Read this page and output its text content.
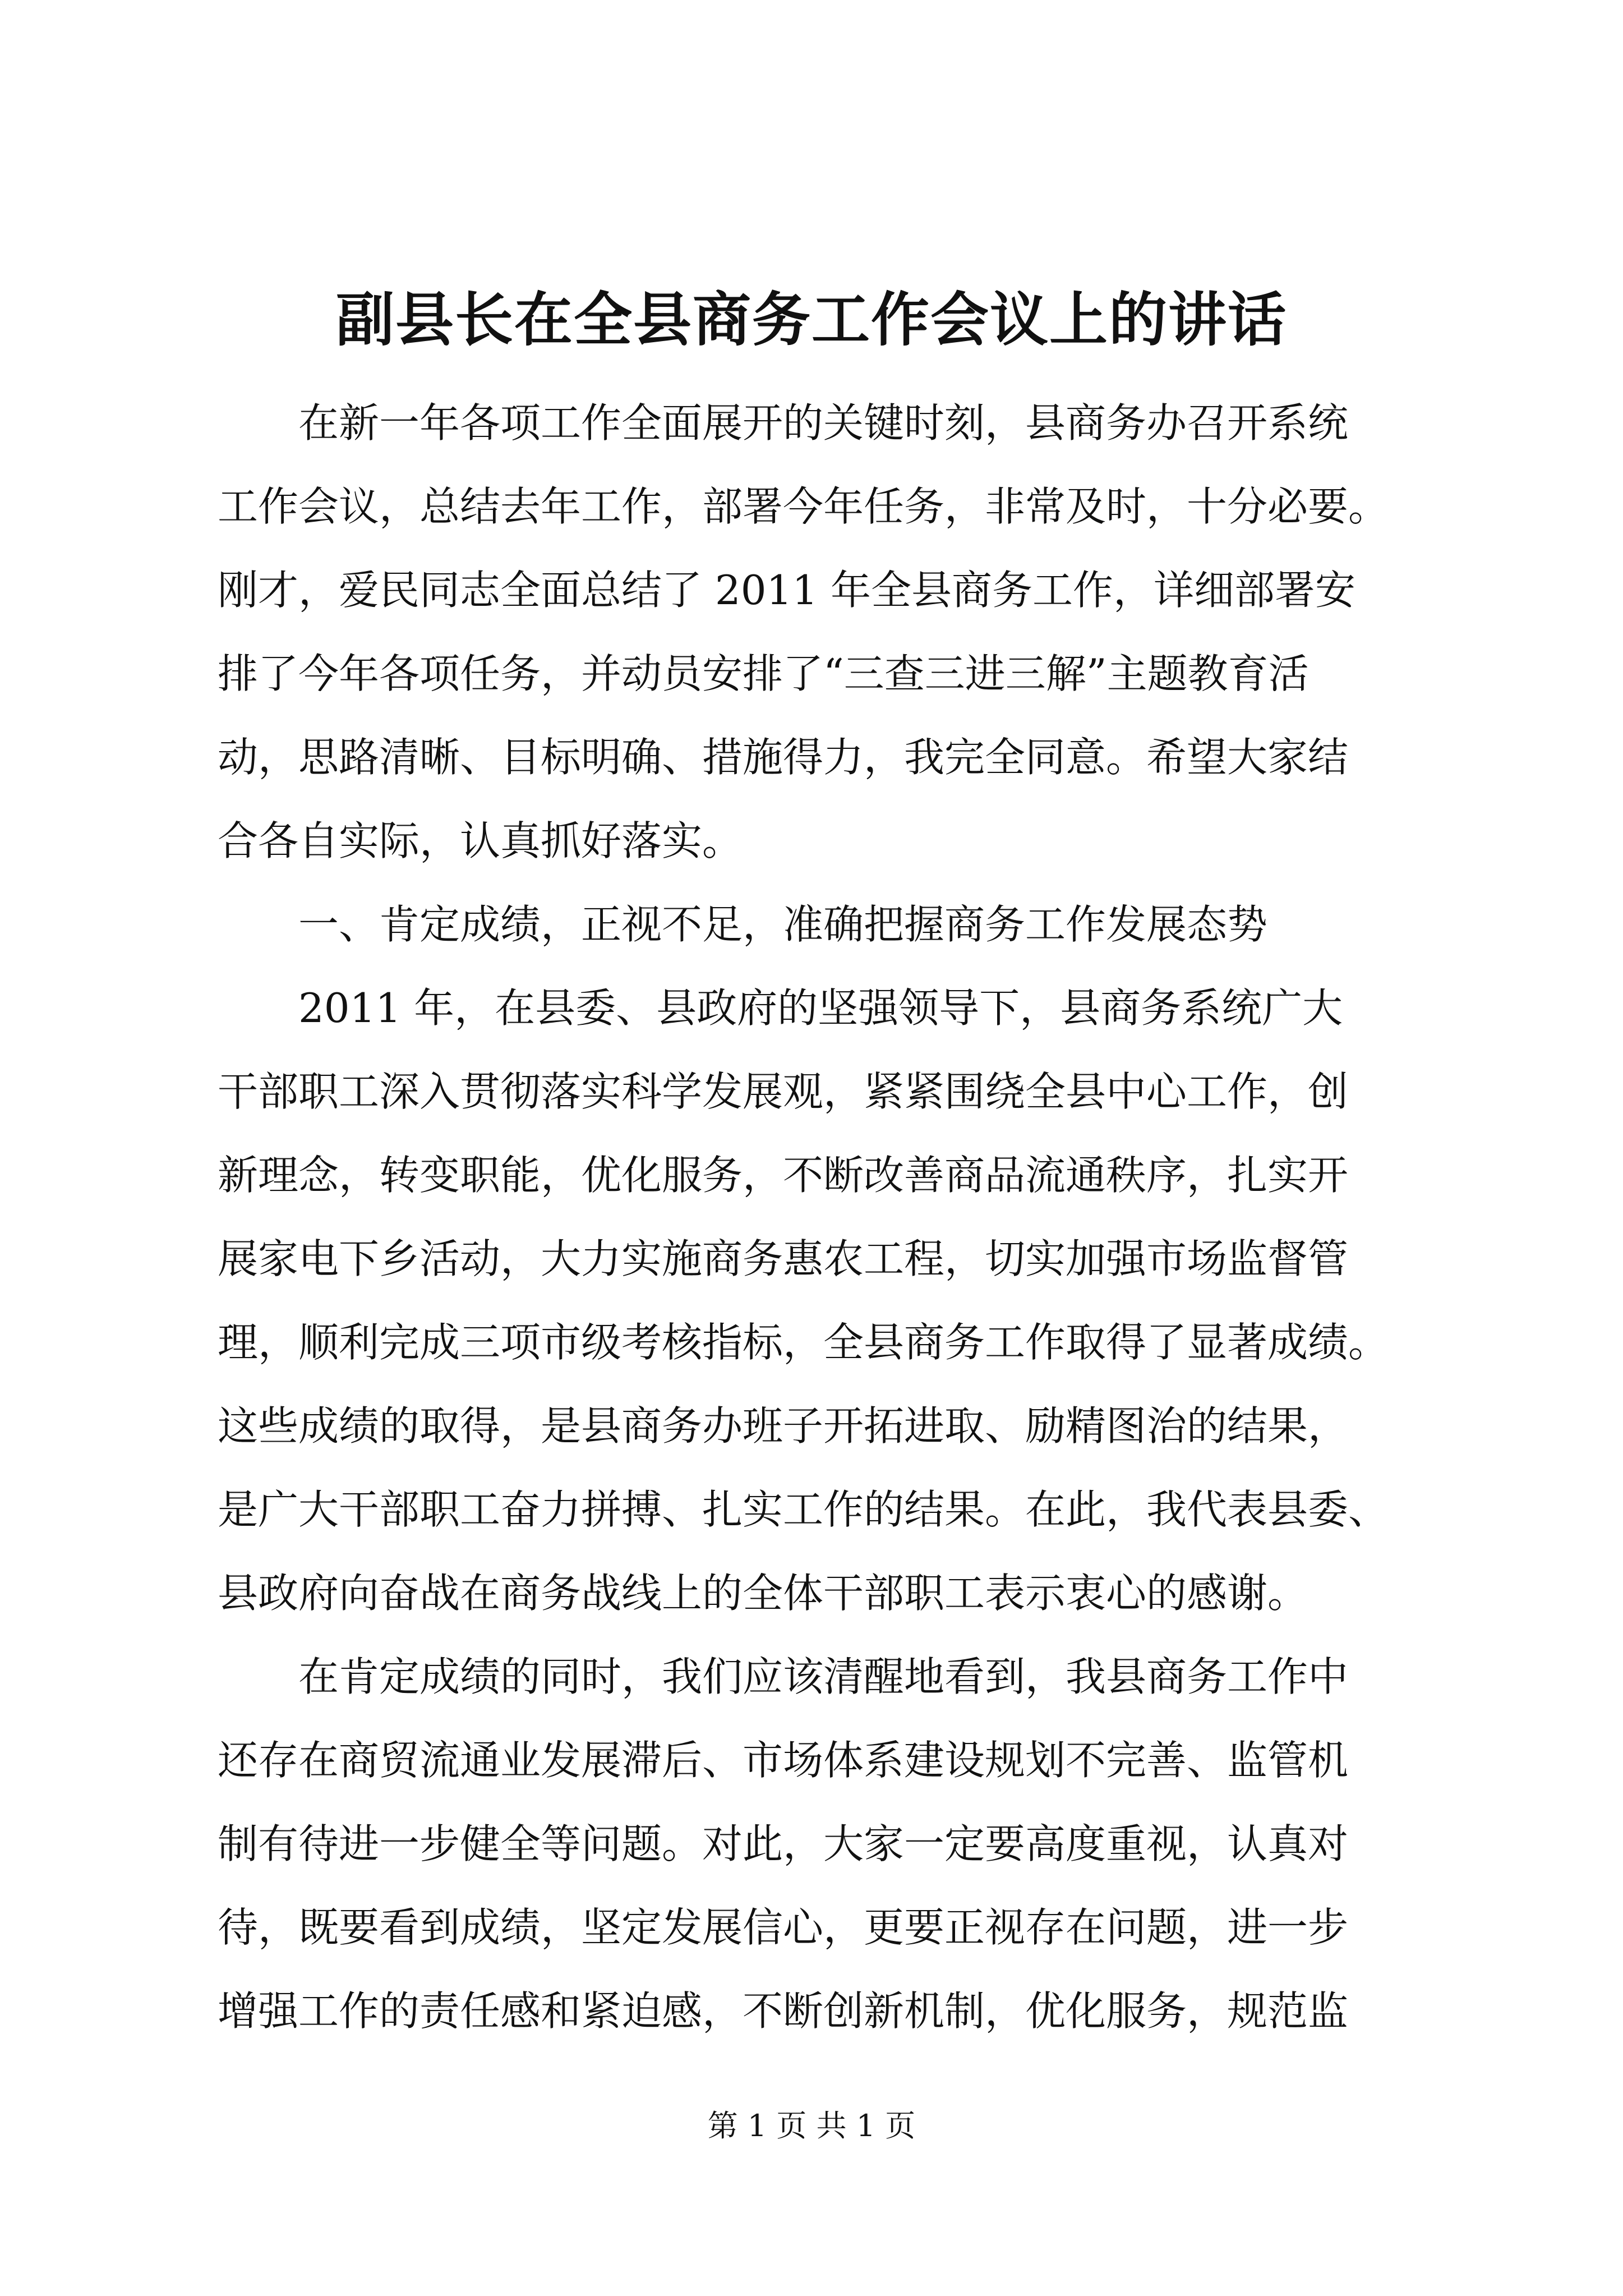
副县长在全县商务工作会议上的讲话
　　在新一年各项工作全面展开的关键时刻，县商务办召开系统
工作会议，总结去年工作，部署今年任务，非常及时，十分必要。
刚才，爱民同志全面总结了 2011 年全县商务工作，详细部署安
排了今年各项任务，并动员安排了“三查三进三解”主题教育活
动，思路清晰、目标明确、措施得力，我完全同意。希望大家结
合各自实际，认真抓好落实。
　　一、肯定成绩，正视不足，准确把握商务工作发展态势
　　2011 年，在县委、县政府的坚强领导下，县商务系统广大
干部职工深入贯彻落实科学发展观，紧紧围绕全县中心工作，创
新理念，转变职能，优化服务，不断改善商品流通秩序，扎实开
展家电下乡活动，大力实施商务惠农工程，切实加强市场监督管
理，顺利完成三项市级考核指标，全县商务工作取得了显著成绩。
这些成绩的取得，是县商务办班子开拓进取、励精图治的结果，
是广大干部职工奋力拼搏、扎实工作的结果。在此，我代表县委、
县政府向奋战在商务战线上的全体干部职工表示衷心的感谢。
　　在肯定成绩的同时，我们应该清醒地看到，我县商务工作中
还存在商贸流通业发展滞后、市场体系建设规划不完善、监管机
制有待进一步健全等问题。对此，大家一定要高度重视，认真对
待，既要看到成绩，坚定发展信心，更要正视存在问题，进一步
增强工作的责任感和紧迫感，不断创新机制，优化服务，规范监
第 1 页 共 1 页
